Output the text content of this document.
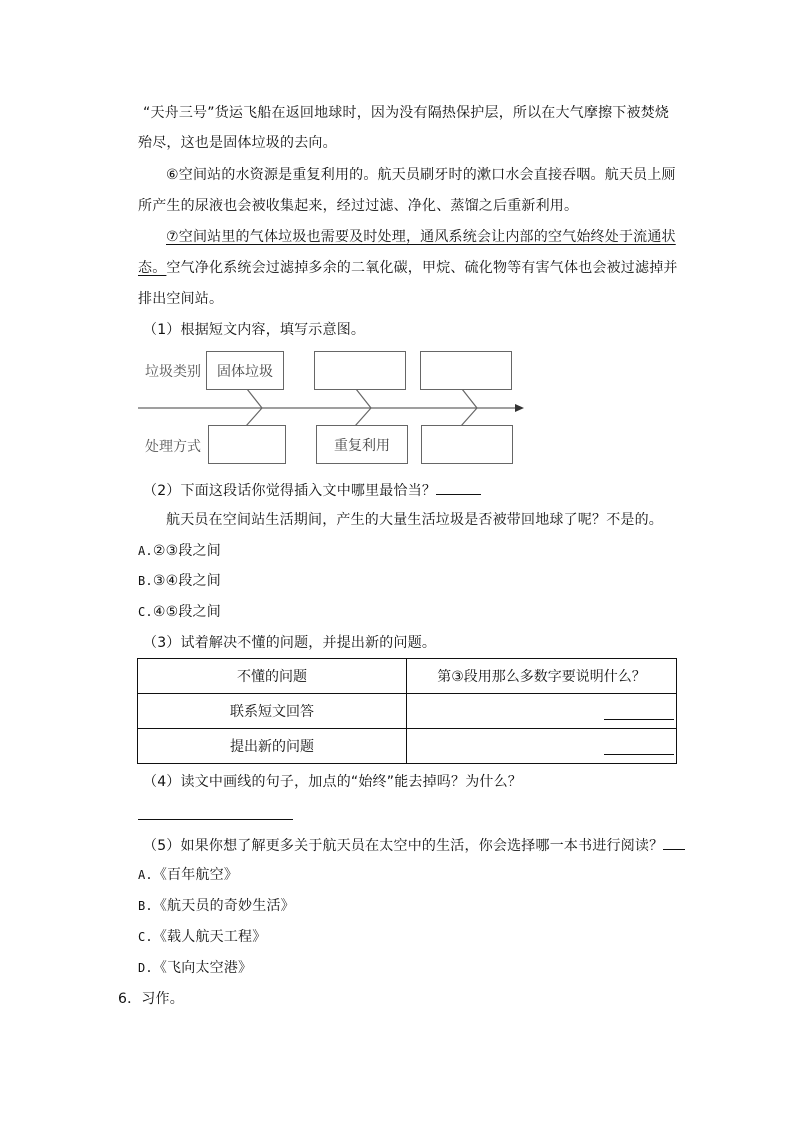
“天舟三号”货运飞船在返回地球时，因为没有隔热保护层，所以在大气摩擦下被焚烧
殆尽，这也是固体垃圾的去向。
⑥空间站的水资源是重复利用的。航天员刷牙时的漱口水会直接吞咽。航天员上厕
所产生的尿液也会被收集起来，经过过滤、净化、蒸馏之后重新利用。
⑦空间站里的气体垃圾也需要及时处理，通风系统会让内部的空气始终处于流通状
态。空气净化系统会过滤掉多余的二氧化碳，甲烷、硫化物等有害气体也会被过滤掉并
排出空间站。
（1）根据短文内容，填写示意图。
垃圾类别
处理方式
固体垃圾
重复利用
（2）下面这段话你觉得插入文中哪里最恰当？
航天员在空间站生活期间，产生的大量生活垃圾是否被带回地球了呢？不是的。
A.②③段之间
B.③④段之间
C.④⑤段之间
（3）试着解决不懂的问题，并提出新的问题。
不懂的问题	第③段用那么多数字要说明什么？
联系短文回答	

提出新的问题	
（4）读文中画线的句子，加点的“始终”能去掉吗？为什么？
（5）如果你想了解更多关于航天员在太空中的生活，你会选择哪一本书进行阅读？
A.《百年航空》
B.《航天员的奇妙生活》
C.《载人航天工程》
D.《飞向太空港》
6．习作。
